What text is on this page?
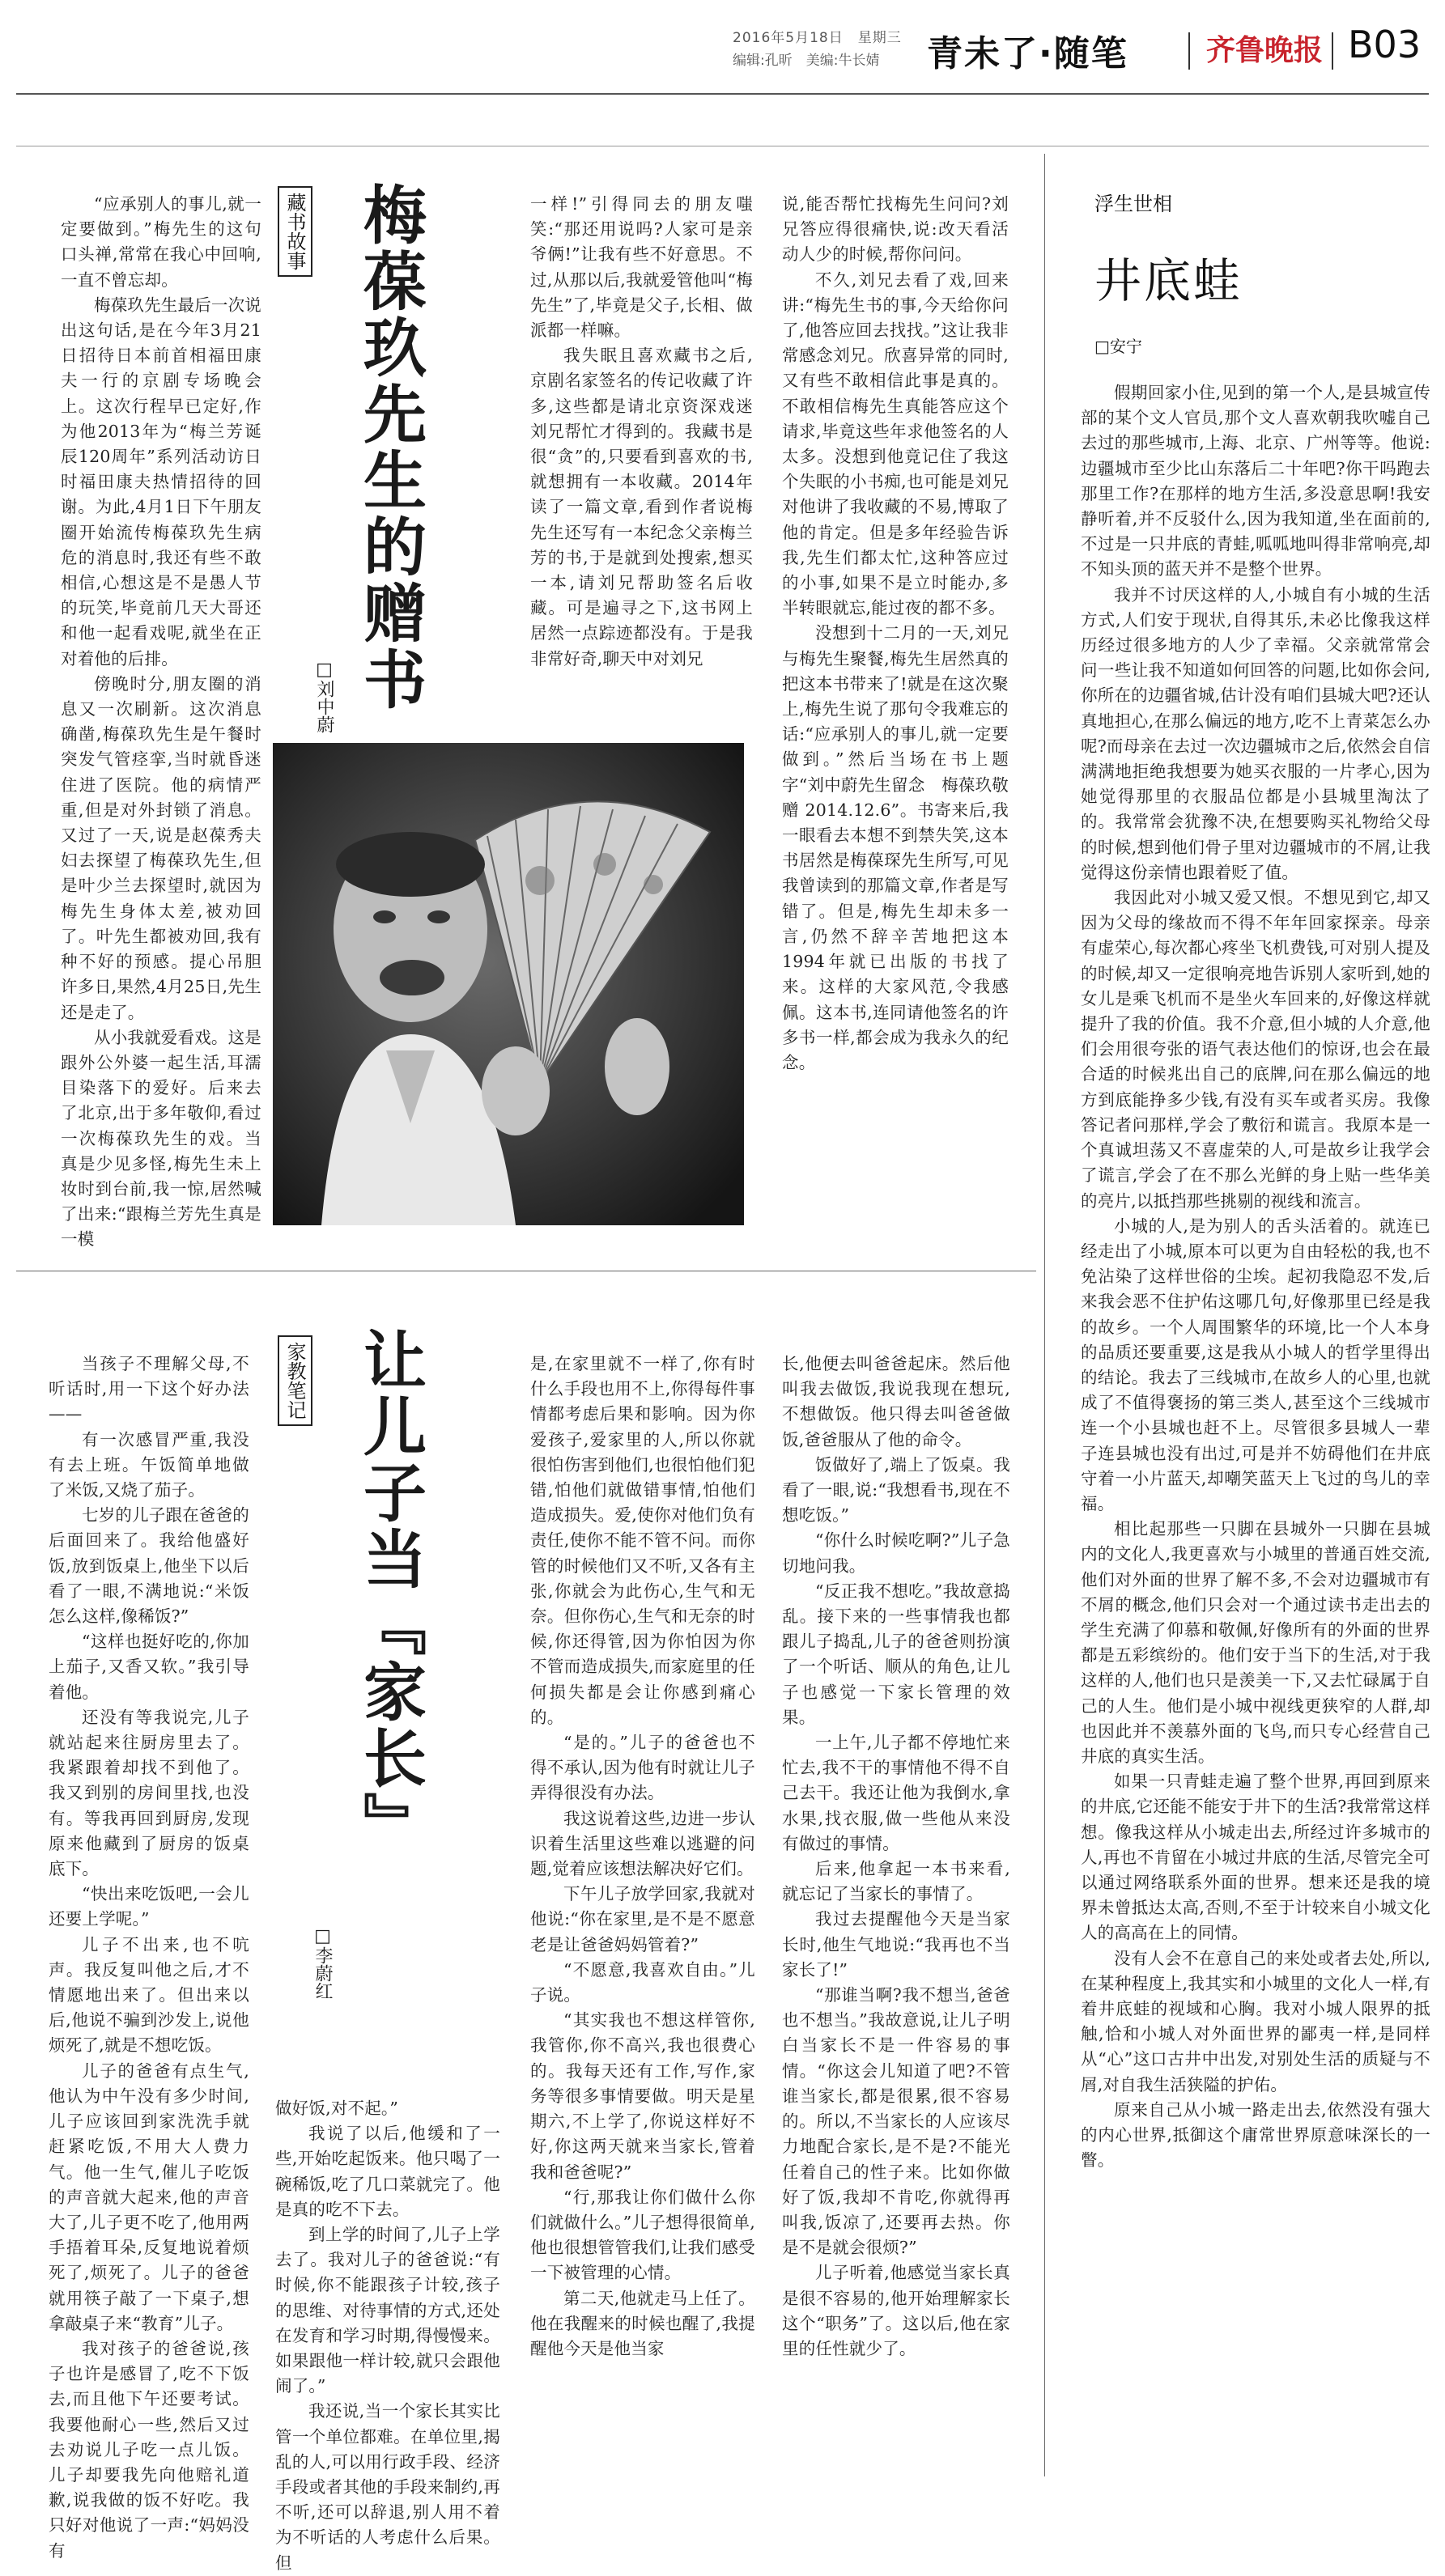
2016年5月18日　星期三
编辑:孔昕　美编:牛长婧 青未了·随笔	齐鲁晚报 B03
藏书故事 梅葆玖先生的赠书
□刘中蔚

“应承别人的事儿,就一定要做到。”梅先生的这句口头禅,常常在我心中回响,一直不曾忘却。

梅葆玖先生最后一次说出这句话,是在今年3月21日招待日本前首相福田康夫一行的京剧专场晚会上。这次行程早已定好,作为他2013年为“梅兰芳诞辰120周年”系列活动访日时福田康夫热情招待的回谢。为此,4月1日下午朋友圈开始流传梅葆玖先生病危的消息时,我还有些不敢相信,心想这是不是愚人节的玩笑,毕竟前几天大哥还和他一起看戏呢,就坐在正对着他的后排。

傍晚时分,朋友圈的消息又一次刷新。这次消息确凿,梅葆玖先生是午餐时突发气管痉挛,当时就昏迷住进了医院。他的病情严重,但是对外封锁了消息。又过了一天,说是赵葆秀夫妇去探望了梅葆玖先生,但是叶少兰去探望时,就因为梅先生身体太差,被劝回了。叶先生都被劝回,我有种不好的预感。提心吊胆许多日,果然,4月25日,先生还是走了。

从小我就爱看戏。这是跟外公外婆一起生活,耳濡目染落下的爱好。后来去了北京,出于多年敬仰,看过一次梅葆玖先生的戏。当真是少见多怪,梅先生未上妆时到台前,我一惊,居然喊了出来:“跟梅兰芳先生真是一模

一样!”引得同去的朋友嗤笑:“那还用说吗?人家可是亲爷俩!”让我有些不好意思。不过,从那以后,我就爱管他叫“梅先生”了,毕竟是父子,长相、做派都一样嘛。

我失眠且喜欢藏书之后,京剧名家签名的传记收藏了许多,这些都是请北京资深戏迷刘兄帮忙才得到的。我藏书是很“贪”的,只要看到喜欢的书,就想拥有一本收藏。2014年读了一篇文章,看到作者说梅先生还写有一本纪念父亲梅兰芳的书,于是就到处搜索,想买一本,请刘兄帮助签名后收藏。可是遍寻之下,这书网上居然一点踪迹都没有。于是我非常好奇,聊天中对刘兄

说,能否帮忙找梅先生问问?刘兄答应得很痛快,说:改天看活动人少的时候,帮你问问。

不久,刘兄去看了戏,回来讲:“梅先生书的事,今天给你问了,他答应回去找找。”这让我非常感念刘兄。欣喜异常的同时,又有些不敢相信此事是真的。不敢相信梅先生真能答应这个请求,毕竟这些年求他签名的人太多。没想到他竟记住了我这个失眠的小书痴,也可能是刘兄对他讲了我收藏的不易,博取了他的肯定。但是多年经验告诉我,先生们都太忙,这种答应过的小事,如果不是立时能办,多半转眼就忘,能过夜的都不多。

没想到十二月的一天,刘兄与梅先生聚餐,梅先生居然真的把这本书带来了!就是在这次聚上,梅先生说了那句令我难忘的话:“应承别人的事儿,就一定要做到。”然后当场在书上题字“刘中蔚先生留念　梅葆玖敬赠 2014.12.6”。书寄来后,我一眼看去本想不到禁失笑,这本书居然是梅葆琛先生所写,可见我曾读到的那篇文章,作者是写错了。但是,梅先生却未多一言,仍然不辞辛苦地把这本1994年就已出版的书找了来。这样的大家风范,令我感佩。这本书,连同请他签名的许多书一样,都会成为我永久的纪念。

浮生世相
井底蛙
□安宁

假期回家小住,见到的第一个人,是县城宣传部的某个文人官员,那个文人喜欢朝我吹嘘自己去过的那些城市,上海、北京、广州等等。他说:边疆城市至少比山东落后二十年吧?你干吗跑去那里工作?在那样的地方生活,多没意思啊!我安静听着,并不反驳什么,因为我知道,坐在面前的,不过是一只井底的青蛙,呱呱地叫得非常响亮,却不知头顶的蓝天并不是整个世界。

我并不讨厌这样的人,小城自有小城的生活方式,人们安于现状,自得其乐,未必比像我这样历经过很多地方的人少了幸福。父亲就常常会问一些让我不知道如何回答的问题,比如你会问,你所在的边疆省城,估计没有咱们县城大吧?还认真地担心,在那么偏远的地方,吃不上青菜怎么办呢?而母亲在去过一次边疆城市之后,依然会自信满满地拒绝我想要为她买衣服的一片孝心,因为她觉得那里的衣服品位都是小县城里淘汰了的。我常常会犹豫不决,在想要购买礼物给父母的时候,想到他们骨子里对边疆城市的不屑,让我觉得这份亲情也跟着贬了值。

我因此对小城又爱又恨。不想见到它,却又因为父母的缘故而不得不年年回家探亲。母亲有虚荣心,每次都心疼坐飞机费钱,可对别人提及的时候,却又一定很响亮地告诉别人家听到,她的女儿是乘飞机而不是坐火车回来的,好像这样就提升了我的价值。我不介意,但小城的人介意,他们会用很夸张的语气表达他们的惊讶,也会在最合适的时候兆出自己的底牌,问在那么偏远的地方到底能挣多少钱,有没有买车或者买房。我像答记者问那样,学会了敷衍和谎言。我原本是一个真诚坦荡又不喜虚荣的人,可是故乡让我学会了谎言,学会了在不那么光鲜的身上贴一些华美的亮片,以抵挡那些挑剔的视线和流言。

小城的人,是为别人的舌头活着的。就连已经走出了小城,原本可以更为自由轻松的我,也不免沾染了这样世俗的尘埃。起初我隐忍不发,后来我会恶不住护佑这哪几句,好像那里已经是我的故乡。一个人周围繁华的环境,比一个人本身的品质还要重要,这是我从小城人的哲学里得出的结论。我去了三线城市,在故乡人的心里,也就成了不值得褒扬的第三类人,甚至这个三线城市连一个小县城也赶不上。尽管很多县城人一辈子连县城也没有出过,可是并不妨碍他们在井底守着一小片蓝天,却嘲笑蓝天上飞过的鸟儿的幸福。

相比起那些一只脚在县城外一只脚在县城内的文化人,我更喜欢与小城里的普通百姓交流,他们对外面的世界了解不多,不会对边疆城市有不屑的概念,他们只会对一个通过读书走出去的学生充满了仰慕和敬佩,好像所有的外面的世界都是五彩缤纷的。他们安于当下的生活,对于我这样的人,他们也只是羡美一下,又去忙碌属于自己的人生。他们是小城中视线更狭窄的人群,却也因此并不羡慕外面的飞鸟,而只专心经营自己井底的真实生活。

如果一只青蛙走遍了整个世界,再回到原来的井底,它还能不能安于井下的生活?我常常这样想。像我这样从小城走出去,所经过许多城市的人,再也不肯留在小城过井底的生活,尽管完全可以通过网络联系外面的世界。想来还是我的境界未曾抵达太高,否则,不至于计较来自小城文化人的高高在上的同情。

没有人会不在意自己的来处或者去处,所以,在某种程度上,我其实和小城里的文化人一样,有着井底蛙的视域和心胸。我对小城人限界的抵触,恰和小城人对外面世界的鄙夷一样,是同样从“心”这口古井中出发,对别处生活的质疑与不屑,对自我生活狭隘的护佑。

原来自己从小城一路走出去,依然没有强大的内心世界,抵御这个庸常世界原意味深长的一瞥。

家教笔记 让儿子当『家长』
□李蔚红

当孩子不理解父母,不听话时,用一下这个好办法——

有一次感冒严重,我没有去上班。午饭简单地做了米饭,又烧了茄子。

七岁的儿子跟在爸爸的后面回来了。我给他盛好饭,放到饭桌上,他坐下以后看了一眼,不满地说:“米饭怎么这样,像稀饭?”

“这样也挺好吃的,你加上茄子,又香又软。”我引导着他。

还没有等我说完,儿子就站起来往厨房里去了。我紧跟着却找不到他了。我又到别的房间里找,也没有。等我再回到厨房,发现原来他藏到了厨房的饭桌底下。

“快出来吃饭吧,一会儿还要上学呢。”

儿子不出来,也不吭声。我反复叫他之后,才不情愿地出来了。但出来以后,他说不骗到沙发上,说他烦死了,就是不想吃饭。

儿子的爸爸有点生气,他认为中午没有多少时间,儿子应该回到家洗洗手就赶紧吃饭,不用大人费力气。他一生气,催儿子吃饭的声音就大起来,他的声音大了,儿子更不吃了,他用两手捂着耳朵,反复地说着烦死了,烦死了。儿子的爸爸就用筷子敲了一下桌子,想拿敲桌子来“教育”儿子。

我对孩子的爸爸说,孩子也许是感冒了,吃不下饭去,而且他下午还要考试。我要他耐心一些,然后又过去劝说儿子吃一点儿饭。儿子却要我先向他赔礼道歉,说我做的饭不好吃。我只好对他说了一声:“妈妈没有

做好饭,对不起。”

我说了以后,他缓和了一些,开始吃起饭来。他只喝了一碗稀饭,吃了几口菜就完了。他是真的吃不下去。

到上学的时间了,儿子上学去了。我对儿子的爸爸说:“有时候,你不能跟孩子计较,孩子的思维、对待事情的方式,还处在发育和学习时期,得慢慢来。如果跟他一样计较,就只会跟他闹了。”

我还说,当一个家长其实比管一个单位都难。在单位里,揭乱的人,可以用行政手段、经济手段或者其他的手段来制约,再不听,还可以辞退,别人用不着为不听话的人考虑什么后果。但

是,在家里就不一样了,你有时什么手段也用不上,你得每件事情都考虑后果和影响。因为你爱孩子,爱家里的人,所以你就很怕伤害到他们,也很怕他们犯错,怕他们就做错事情,怕他们造成损失。爱,使你对他们负有责任,使你不能不管不问。而你管的时候他们又不听,又各有主张,你就会为此伤心,生气和无奈。但你伤心,生气和无奈的时候,你还得管,因为你怕因为你不管而造成损失,而家庭里的任何损失都是会让你感到痛心的。

“是的。”儿子的爸爸也不得不承认,因为他有时就让儿子弄得很没有办法。

我这说着这些,边进一步认识着生活里这些难以逃避的问题,觉着应该想法解决好它们。

下午儿子放学回家,我就对他说:“你在家里,是不是不愿意老是让爸爸妈妈管着?”

“不愿意,我喜欢自由。”儿子说。

“其实我也不想这样管你,我管你,你不高兴,我也很费心的。我每天还有工作,写作,家务等很多事情要做。明天是星期六,不上学了,你说这样好不好,你这两天就来当家长,管着我和爸爸呢?”

“行,那我让你们做什么你们就做什么。”儿子想得很简单,他也很想管管我们,让我们感受一下被管理的心情。

第二天,他就走马上任了。他在我醒来的时候也醒了,我提醒他今天是他当家

长,他便去叫爸爸起床。然后他叫我去做饭,我说我现在想玩,不想做饭。他只得去叫爸爸做饭,爸爸服从了他的命令。

饭做好了,端上了饭桌。我看了一眼,说:“我想看书,现在不想吃饭。”

“你什么时候吃啊?”儿子急切地问我。

“反正我不想吃。”我故意捣乱。接下来的一些事情我也都跟儿子捣乱,儿子的爸爸则扮演了一个听话、顺从的角色,让儿子也感觉一下家长管理的效果。

一上午,儿子都不停地忙来忙去,我不干的事情他不得不自己去干。我还让他为我倒水,拿水果,找衣服,做一些他从来没有做过的事情。

后来,他拿起一本书来看,就忘记了当家长的事情了。

我过去提醒他今天是当家长时,他生气地说:“我再也不当家长了!”

“那谁当啊?我不想当,爸爸也不想当。”我故意说,让儿子明白当家长不是一件容易的事情。“你这会儿知道了吧?不管谁当家长,都是很累,很不容易的。所以,不当家长的人应该尽力地配合家长,是不是?不能光任着自己的性子来。比如你做好了饭,我却不肯吃,你就得再叫我,饭凉了,还要再去热。你是不是就会很烦?”

儿子听着,他感觉当家长真是很不容易的,他开始理解家长这个“职务”了。这以后,他在家里的任性就少了。
